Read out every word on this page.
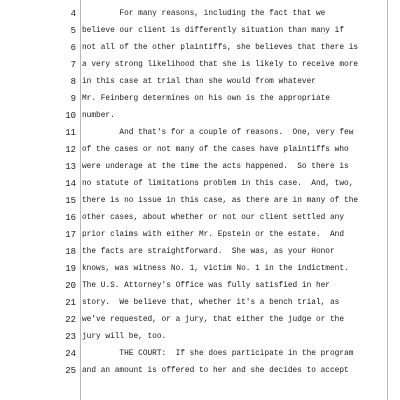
4 For many reasons, including the fact that we
5 believe our client is differently situation than many if
6 not all of the other plaintiffs, she believes that there is
7 a very strong likelihood that she is likely to receive more
8 in this case at trial than she would from whatever
9 Mr. Feinberg determines on his own is the appropriate
10 number.
11 And that's for a couple of reasons.  One, very few
12 of the cases or not many of the cases have plaintiffs who
13 were underage at the time the acts happened.  So there is
14 no statute of limitations problem in this case.  And, two,
15 there is no issue in this case, as there are in many of the
16 other cases, about whether or not our client settled any
17 prior claims with either Mr. Epstein or the estate.  And
18 the facts are straightforward.  She was, as your Honor
19 knows, was witness No. 1, victim No. 1 in the indictment.
20 The U.S. Attorney's Office was fully satisfied in her
21 story.  We believe that, whether it's a bench trial, as
22 we've requested, or a jury, that either the judge or the
23 jury will be, too.
24 THE COURT:  If she does participate in the program
25 and an amount is offered to her and she decides to accept
